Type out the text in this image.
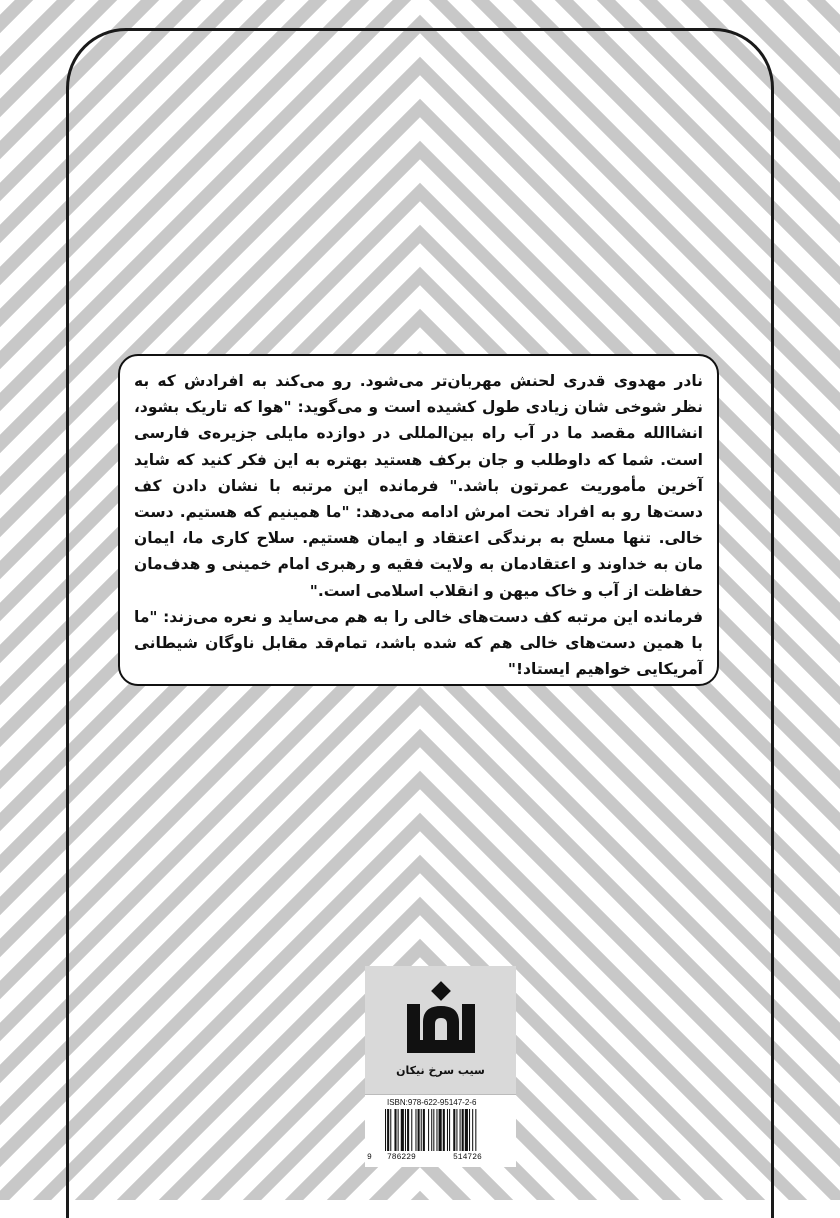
نادر مهدوی قدری لحنش مهربان‌تر می‌شود. رو می‌کند به افرادش که به نظر شوخی شان زیادی طول کشیده است و می‌گوید: "هوا که تاریک بشود، انشاالله مقصد ما در آب راه بین‌المللی در دوازده مایلی جزیره‌ی فارسی است. شما که داوطلب و جان برکف هستید بهتره به این فکر کنید که شاید آخرین مأموریت عمرتون باشد." فرمانده این مرتبه با نشان دادن کف دست‌ها رو به افراد تحت امرش ادامه می‌دهد: "ما همینیم که هستیم. دست خالی. تنها مسلح به برندگی اعتقاد و ایمان هستیم. سلاح کاری ما، ایمان مان به خداوند و اعتقادمان به ولایت فقیه و رهبری امام خمینی و هدف‌مان حفاظت از آب و خاک میهن و انقلاب اسلامی است."

فرمانده این مرتبه کف دست‌های خالی را به هم می‌ساید و نعره می‌زند: "ما با همین دست‌های خالی هم که شده باشد، تمام‌قد مقابل ناوگان شیطانی آمریکایی خواهیم ایستاد!"

سیب سرخ نیکان
ISBN:978-622-95147-2-6
9 786229	514726
